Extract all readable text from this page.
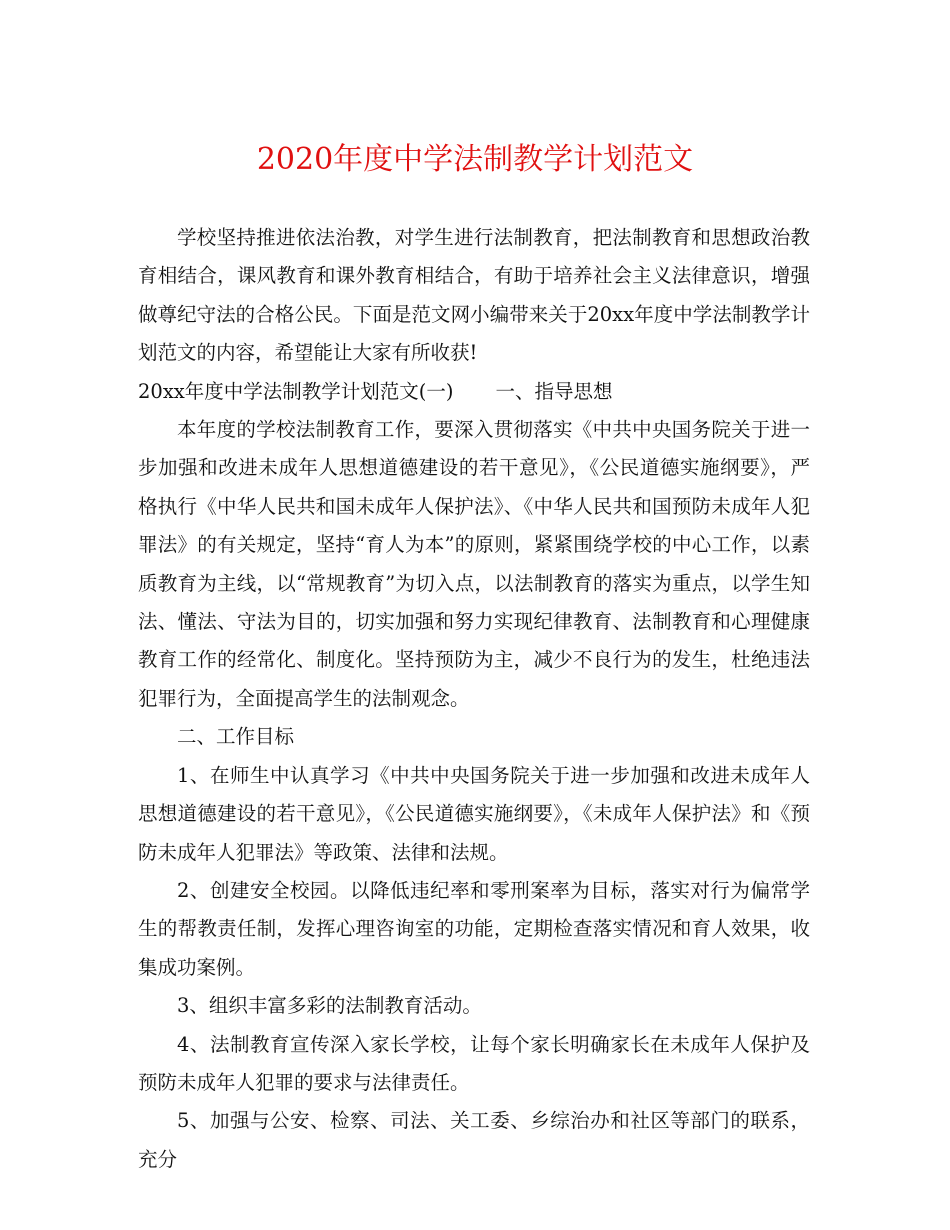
2020年度中学法制教学计划范文

学校坚持推进依法治教，对学生进行法制教育，把法制教育和思想政治教育相结合，课风教育和课外教育相结合，有助于培养社会主义法律意识，增强做尊纪守法的合格公民。下面是范文网小编带来关于20xx年度中学法制教学计划范文的内容，希望能让大家有所收获!

20xx年度中学法制教学计划范文(一) 一、指导思想

本年度的学校法制教育工作，要深入贯彻落实《中共中央国务院关于进一步加强和改进未成年人思想道德建设的若干意见》，《公民道德实施纲要》，严格执行《中华人民共和国未成年人保护法》、《中华人民共和国预防未成年人犯罪法》的有关规定，坚持“育人为本”的原则，紧紧围绕学校的中心工作，以素质教育为主线，以“常规教育”为切入点，以法制教育的落实为重点，以学生知法、懂法、守法为目的，切实加强和努力实现纪律教育、法制教育和心理健康教育工作的经常化、制度化。坚持预防为主，减少不良行为的发生，杜绝违法犯罪行为，全面提高学生的法制观念。

二、工作目标

1、在师生中认真学习《中共中央国务院关于进一步加强和改进未成年人思想道德建设的若干意见》，《公民道德实施纲要》，《未成年人保护法》和《预防未成年人犯罪法》等政策、法律和法规。

2、创建安全校园。以降低违纪率和零刑案率为目标，落实对行为偏常学生的帮教责任制，发挥心理咨询室的功能，定期检查落实情况和育人效果，收集成功案例。

3、组织丰富多彩的法制教育活动。

4、法制教育宣传深入家长学校，让每个家长明确家长在未成年人保护及预防未成年人犯罪的要求与法律责任。

5、加强与公安、检察、司法、关工委、乡综治办和社区等部门的联系，充分
